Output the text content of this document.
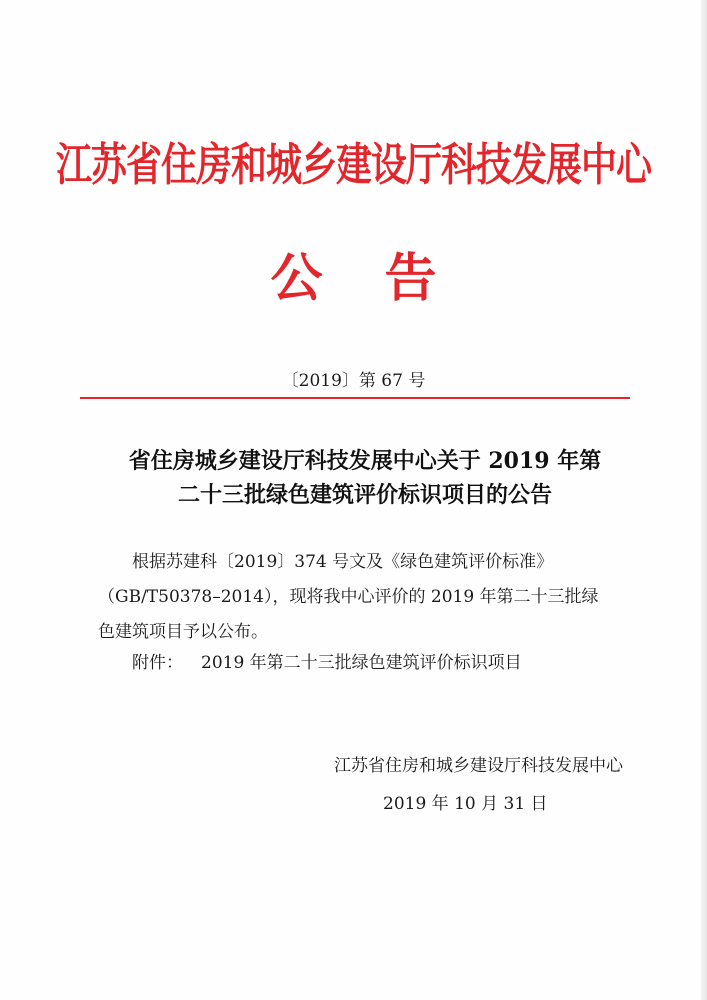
江苏省住房和城乡建设厅科技发展中心
公告
〔2019〕第 67 号
省住房城乡建设厅科技发展中心关于 2019 年第
二十三批绿色建筑评价标识项目的公告
根据苏建科〔2019〕374 号文及《绿色建筑评价标准》
（GB/T50378–2014），现将我中心评价的 2019 年第二十三批绿
色建筑项目予以公布。
附件： 2019 年第二十三批绿色建筑评价标识项目
江苏省住房和城乡建设厅科技发展中心
2019 年 10 月 31 日
